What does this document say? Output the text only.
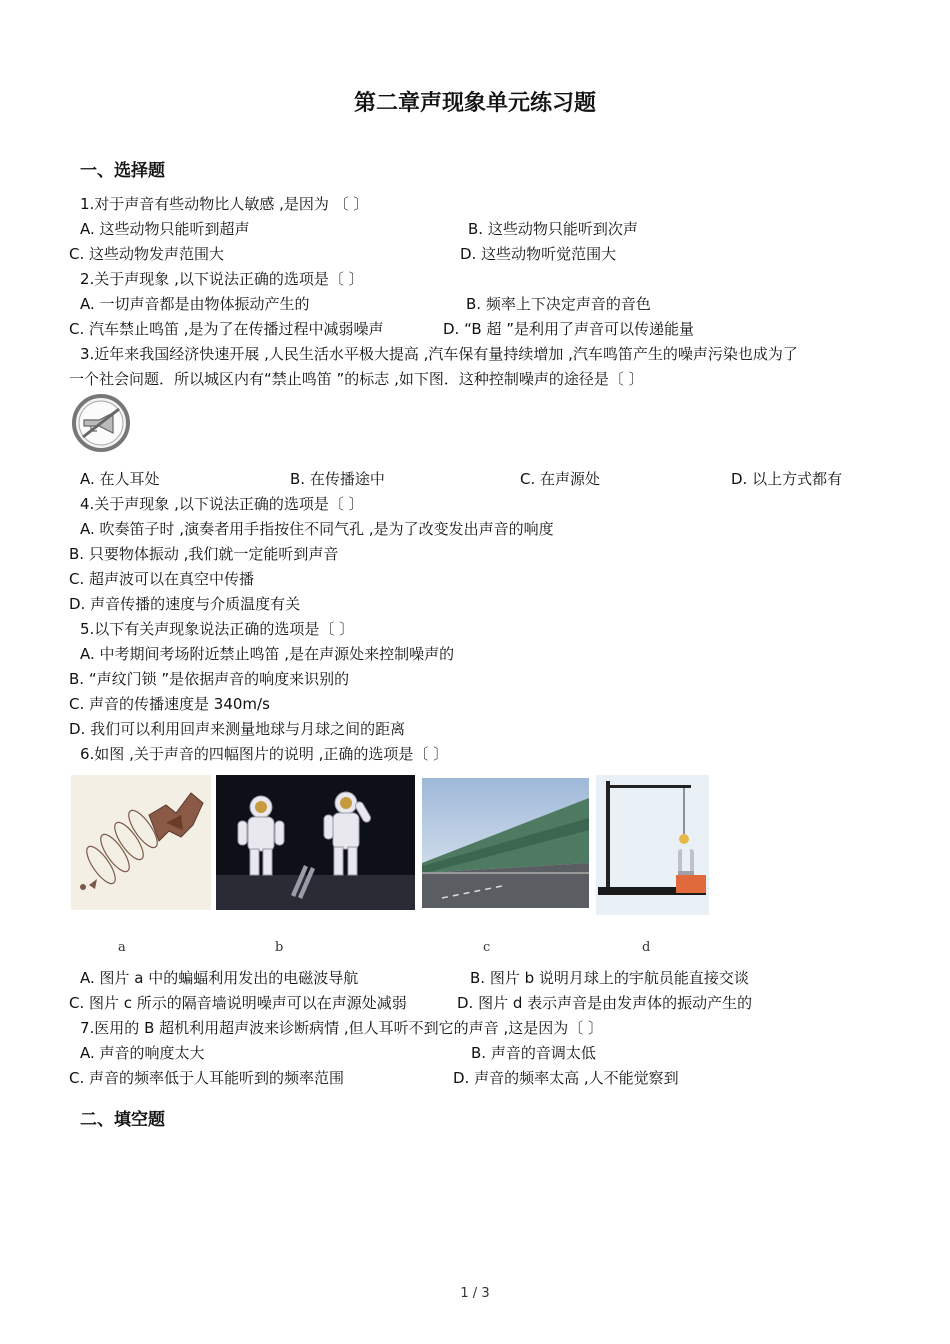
第二章声现象单元练习题
一、选择题
1.对于声音有些动物比人敏感 ,是因为 〔 〕
A. 这些动物只能听到超声	B. 这些动物只能听到次声
C. 这些动物发声范围大	D. 这些动物听觉范围大
2.关于声现象 ,以下说法正确的选项是〔 〕
A. 一切声音都是由物体振动产生的	B. 频率上下决定声音的音色
C. 汽车禁止鸣笛 ,是为了在传播过程中减弱噪声	D. “B 超 ”是利用了声音可以传递能量
3.近年来我国经济快速开展 ,人民生活水平极大提高 ,汽车保有量持续增加 ,汽车鸣笛产生的噪声污染也成为了
一个社会问题．所以城区内有“禁止鸣笛 ”的标志 ,如下图．这种控制噪声的途径是〔 〕
A. 在人耳处	B. 在传播途中	C. 在声源处	D. 以上方式都有
4.关于声现象 ,以下说法正确的选项是〔 〕
A. 吹奏笛子时 ,演奏者用手指按住不同气孔 ,是为了改变发出声音的响度
B. 只要物体振动 ,我们就一定能听到声音
C. 超声波可以在真空中传播
D. 声音传播的速度与介质温度有关
5.以下有关声现象说法正确的选项是〔 〕
A. 中考期间考场附近禁止鸣笛 ,是在声源处来控制噪声的
B. “声纹门锁 ”是依据声音的响度来识别的
C. 声音的传播速度是 340m/s
D. 我们可以利用回声来测量地球与月球之间的距离
6.如图 ,关于声音的四幅图片的说明 ,正确的选项是〔 〕
a	b	c	d
A. 图片 a 中的蝙蝠利用发出的电磁波导航	B. 图片 b 说明月球上的宇航员能直接交谈
C. 图片 c 所示的隔音墙说明噪声可以在声源处减弱	D. 图片 d 表示声音是由发声体的振动产生的
7.医用的 B 超机利用超声波来诊断病情 ,但人耳听不到它的声音 ,这是因为〔 〕
A. 声音的响度太大	B. 声音的音调太低
C. 声音的频率低于人耳能听到的频率范围	D. 声音的频率太高 ,人不能觉察到
二、填空题
1 / 3
